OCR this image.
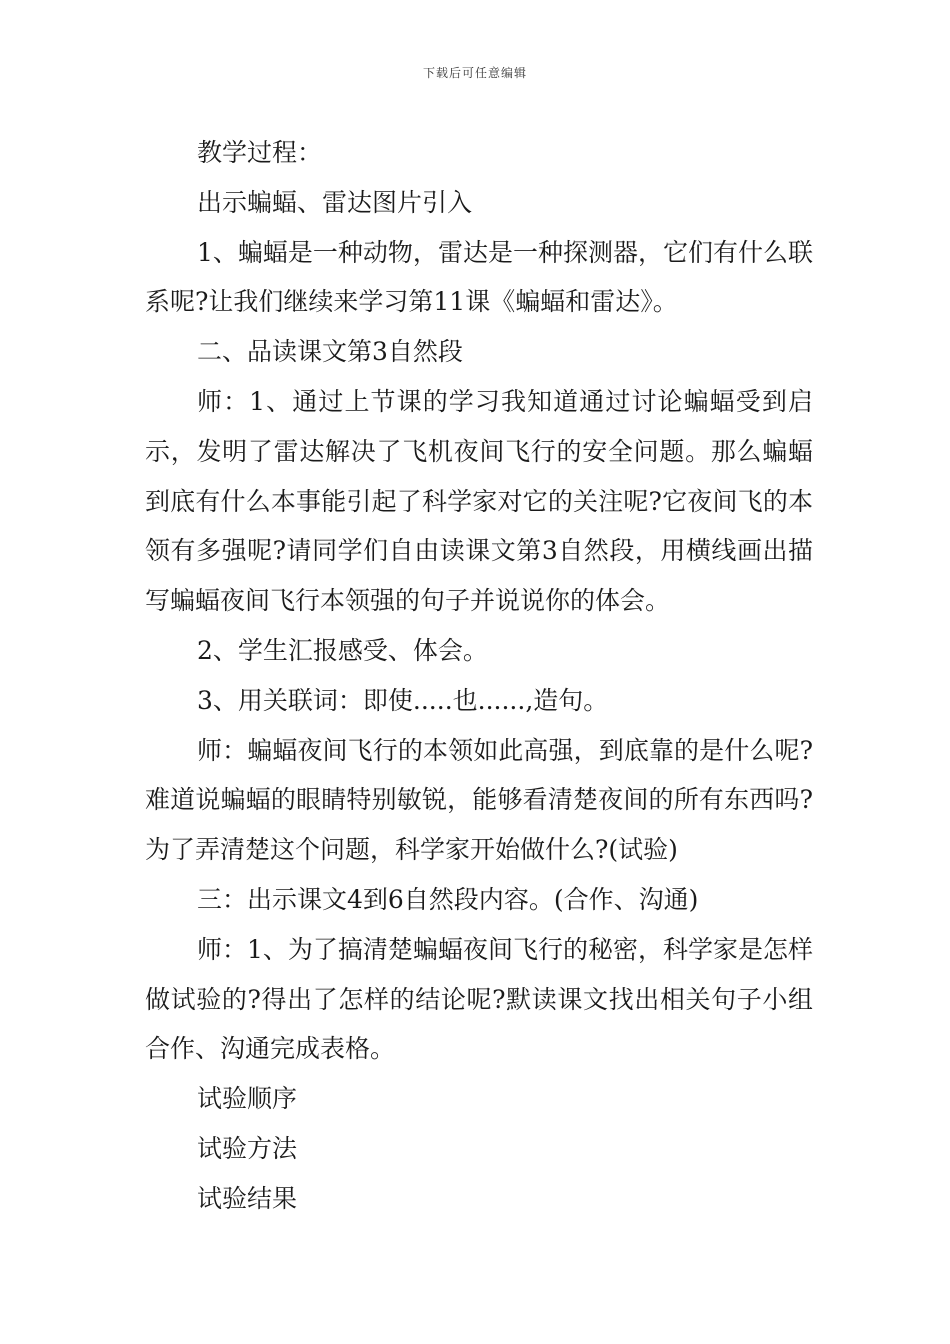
下载后可任意编辑

教学过程：

出示蝙蝠、雷达图片引入

1、蝙蝠是一种动物，雷达是一种探测器，它们有什么联系呢?让我们继续来学习第11课《蝙蝠和雷达》。

二、品读课文第3自然段

师：1、通过上节课的学习我知道通过讨论蝙蝠受到启示，发明了雷达解决了飞机夜间飞行的安全问题。那么蝙蝠到底有什么本事能引起了科学家对它的关注呢?它夜间飞的本领有多强呢?请同学们自由读课文第3自然段，用横线画出描写蝙蝠夜间飞行本领强的句子并说说你的体会。

2、学生汇报感受、体会。

3、用关联词：即使.....也......,造句。

师：蝙蝠夜间飞行的本领如此高强，到底靠的是什么呢?难道说蝙蝠的眼睛特别敏锐，能够看清楚夜间的所有东西吗?为了弄清楚这个问题，科学家开始做什么?(试验)

三：出示课文4到6自然段内容。(合作、沟通)

师：1、为了搞清楚蝙蝠夜间飞行的秘密，科学家是怎样做试验的?得出了怎样的结论呢?默读课文找出相关句子小组合作、沟通完成表格。

试验顺序

试验方法

试验结果
